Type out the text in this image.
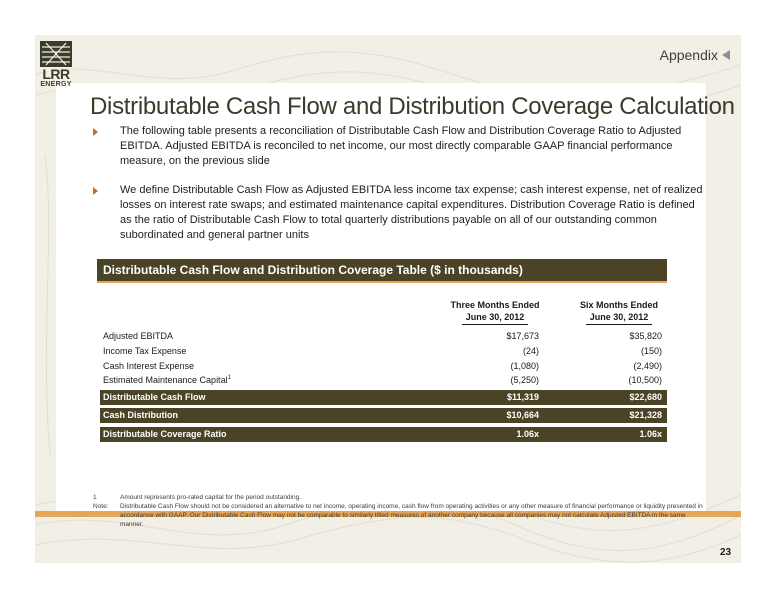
LRR
ENERGY
Appendix
Distributable Cash Flow and Distribution Coverage Calculation
The following table presents a reconciliation of Distributable Cash Flow and Distribution Coverage Ratio to Adjusted EBITDA. Adjusted EBITDA is reconciled to net income, our most directly comparable GAAP financial performance measure, on the previous slide
We define Distributable Cash Flow as Adjusted EBITDA less income tax expense; cash interest expense, net of realized losses on interest rate swaps; and estimated maintenance capital expenditures. Distribution Coverage Ratio is defined as the ratio of Distributable Cash Flow to total quarterly distributions payable on all of our outstanding common subordinated and general partner units
Distributable Cash Flow and Distribution Coverage Table ($ in thousands)
Three Months Ended
June 30, 2012
Six Months Ended
June 30, 2012
Adjusted EBITDA	$17,673	$35,820
Income Tax Expense	(24)	(150)
Cash Interest Expense	(1,080)	(2,490)
Estimated Maintenance Capital$^1$	(5,250)	(10,500)
Distributable Cash Flow	$11,319	$22,680
Cash Distribution	$10,664	$21,328
Distributable Coverage Ratio	1.06x	1.06x
1	Amount represents pro-rated capital for the period outstanding.
Note: Distributable Cash Flow should not be considered an alternative to net income, operating income, cash flow from operating activities or any other measure of financial performance or liquidity presented in accordance with GAAP. Our Distributable Cash Flow may not be comparable to similarly titled measures of another company because all companies may not calculate Adjusted EBITDA in the same manner.
23
